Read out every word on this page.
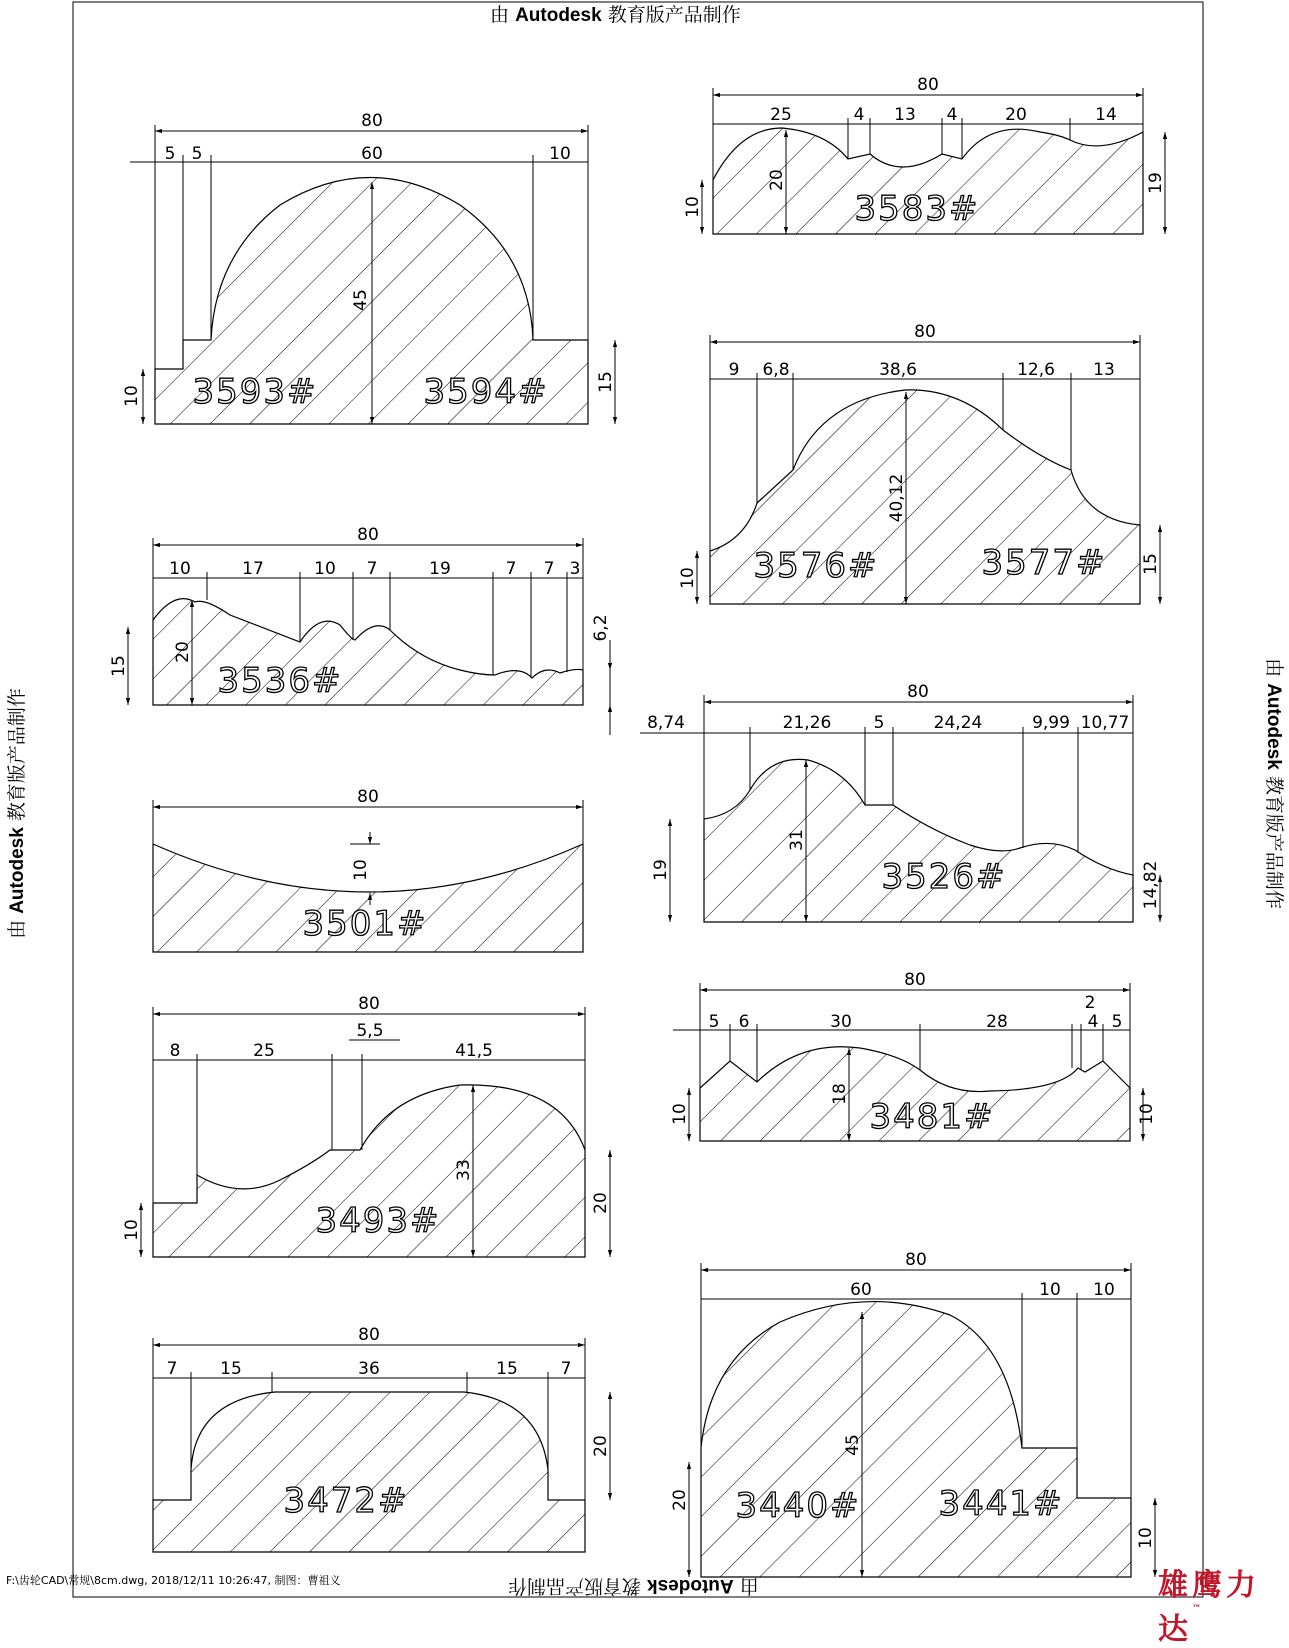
80
5 5	60	10
45
10
15
3593#	3594#
80
25	4 13 4	20	14
20
10
19
3583#
80
9 6,8	38,6	12,6 13
40,12
10
15
3576#	3577#
80
10	17	10 7	19	7 7 3
20
15
6,2
3536#	80
8,74	21,26 5	24,24	9,99 10,77
31
19	14,82
3526#
80
10
3501#
80
5 6	30	28
2
4 5
18
10	10
3481#
80
8	25
5,5
41,5
33
10
20
3493#
80
7	15	36	15	7
20
3472#
80
60	10 10
45
20
10
3440# 3441#
由 Autodesk 教育版产品制作
由 Autodesk 教育版产品制作
由 Autodesk 教育版产品制作
由 Autodesk 教育版产品制作
F:\齿轮CAD\常规\8cm.dwg, 2018/12/11 10:26:47, 制图：曹祖义	雄鹰力达™
